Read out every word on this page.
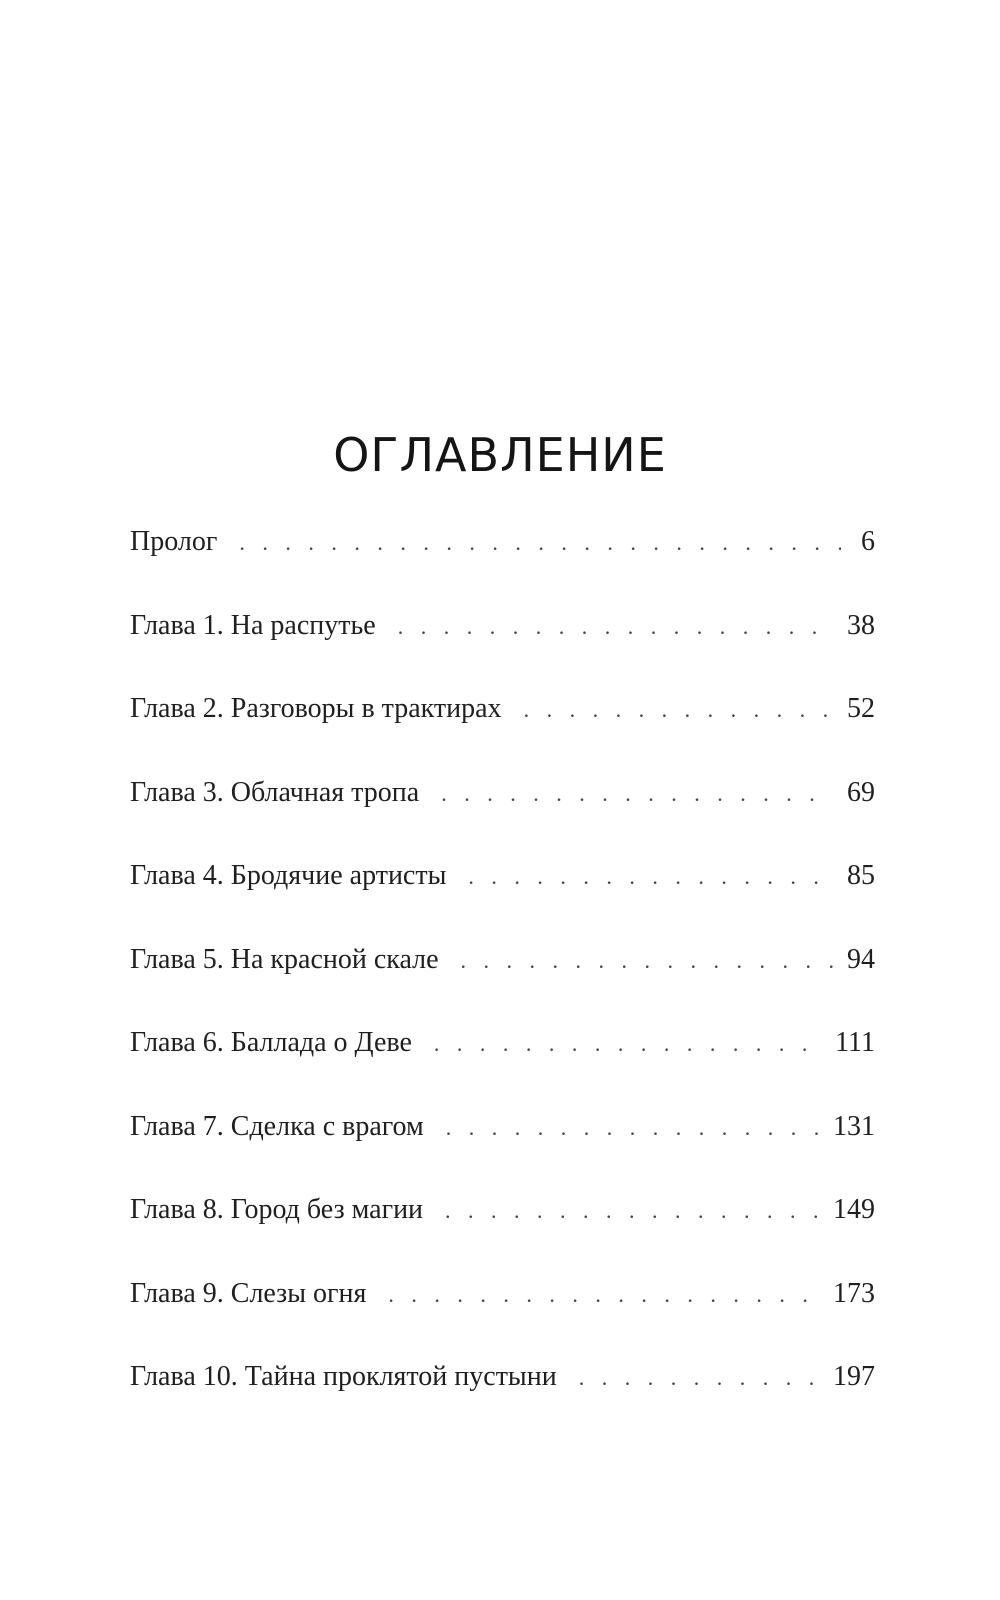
ОГЛАВЛЕНИЕ
Пролог . . .	6
Глава 1. На распутье . . .	38
Глава 2. Разговоры в трактирах . . .	52
Глава 3. Облачная тропа . . .	69
Глава 4. Бродячие артисты . . .	85
Глава 5. На красной скале . . .	94
Глава 6. Баллада о Деве . . .	111
Глава 7. Сделка с врагом . . .	131
Глава 8. Город без магии . . .	149
Глава 9. Слезы огня . . .	173
Глава 10. Тайна проклятой пустыни . . .	197
